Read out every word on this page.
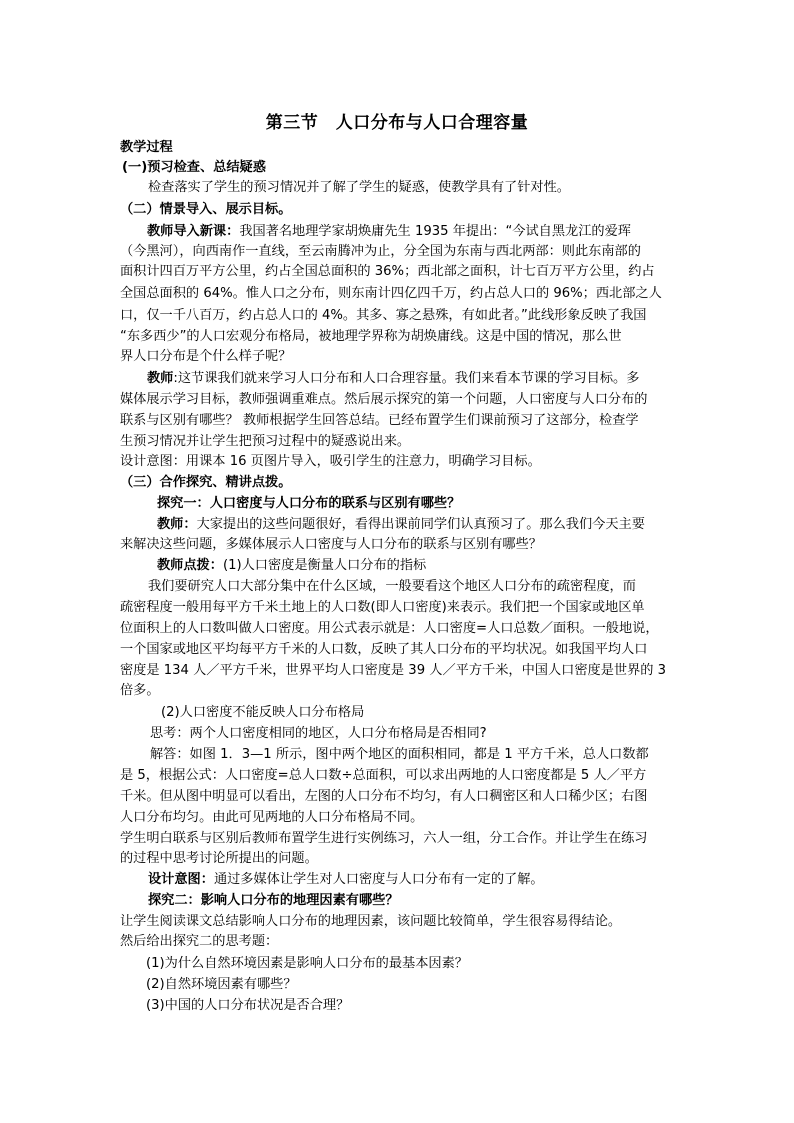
第三节　人口分布与人口合理容量
教学过程
(一)预习检查、总结疑惑
检查落实了学生的预习情况并了解了学生的疑惑，使教学具有了针对性。
（二）情景导入、展示目标。
教师导入新课：我国著名地理学家胡焕庸先生 1935 年提出：“今试自黑龙江的爱珲
（今黑河），向西南作一直线，至云南腾冲为止，分全国为东南与西北两部：则此东南部的
面积计四百万平方公里，约占全国总面积的 36%；西北部之面积，计七百万平方公里，约占
全国总面积的 64%。惟人口之分布，则东南计四亿四千万，约占总人口的 96%；西北部之人
口，仅一千八百万，约占总人口的 4%。其多、寡之悬殊，有如此者。”此线形象反映了我国
“东多西少”的人口宏观分布格局，被地理学界称为胡焕庸线。这是中国的情况，那么世
界人口分布是个什么样子呢？
教师:这节课我们就来学习人口分布和人口合理容量。我们来看本节课的学习目标。多
媒体展示学习目标，教师强调重难点。然后展示探究的第一个问题，人口密度与人口分布的
联系与区别有哪些？ 教师根据学生回答总结。已经布置学生们课前预习了这部分，检查学
生预习情况并让学生把预习过程中的疑惑说出来。
设计意图：用课本 16 页图片导入，吸引学生的注意力，明确学习目标。
（三）合作探究、精讲点拨。
探究一：人口密度与人口分布的联系与区别有哪些？
教师：大家提出的这些问题很好，看得出课前同学们认真预习了。那么我们今天主要
来解决这些问题，多媒体展示人口密度与人口分布的联系与区别有哪些？
教师点拨：(1)人口密度是衡量人口分布的指标
我们要研究人口大部分集中在什么区域，一般要看这个地区人口分布的疏密程度，而
疏密程度一般用每平方千米土地上的人口数(即人口密度)来表示。我们把一个国家或地区单
位面积上的人口数叫做人口密度。用公式表示就是：人口密度=人口总数／面积。一般地说，
一个国家或地区平均每平方千米的人口数，反映了其人口分布的平均状况。如我国平均人口
密度是 134 人／平方千米，世界平均人口密度是 39 人／平方千米，中国人口密度是世界的 3
倍多。
(2)人口密度不能反映人口分布格局
思考：两个人口密度相同的地区，人口分布格局是否相同?
解答：如图 1．3—1 所示，图中两个地区的面积相同，都是 1 平方千米，总人口数都
是 5，根据公式：人口密度=总人口数÷总面积，可以求出两地的人口密度都是 5 人／平方
千米。但从图中明显可以看出，左图的人口分布不均匀，有人口稠密区和人口稀少区；右图
人口分布均匀。由此可见两地的人口分布格局不同。
学生明白联系与区别后教师布置学生进行实例练习，六人一组，分工合作。并让学生在练习
的过程中思考讨论所提出的问题。
设计意图：通过多媒体让学生对人口密度与人口分布有一定的了解。
探究二：影响人口分布的地理因素有哪些？
让学生阅读课文总结影响人口分布的地理因素，该问题比较简单，学生很容易得结论。
然后给出探究二的思考题：
(1)为什么自然环境因素是影响人口分布的最基本因素？
(2)自然环境因素有哪些？
(3)中国的人口分布状况是否合理？
